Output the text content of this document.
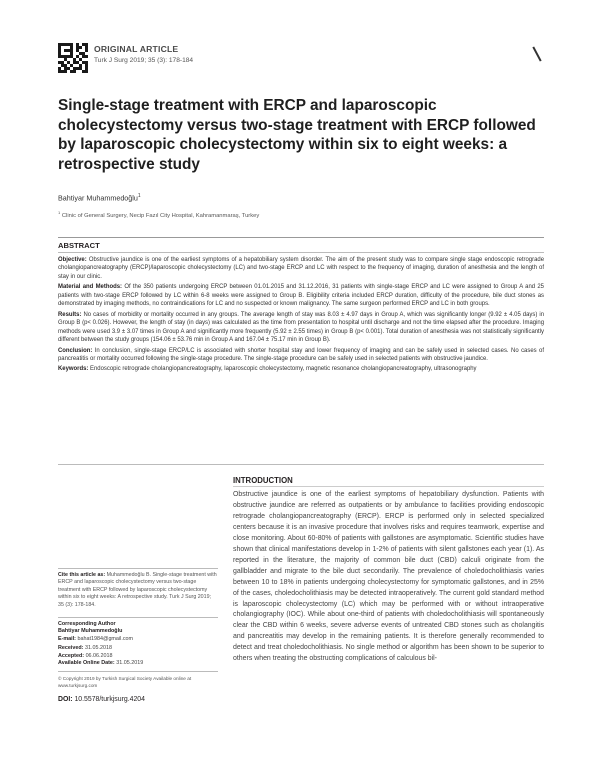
ORIGINAL ARTICLE
Turk J Surg 2019; 35 (3): 178-184
Single-stage treatment with ERCP and laparoscopic cholecystectomy versus two-stage treatment with ERCP followed by laparoscopic cholecystectomy within six to eight weeks: a retrospective study
Bahtiyar Muhammedoğlu$^1$
$^1$ Clinic of General Surgery, Necip Fazıl City Hospital, Kahramanmaraş, Turkey
ABSTRACT

Objective: Obstructive jaundice is one of the earliest symptoms of a hepatobiliary system disorder. The aim of the present study was to compare single stage endoscopic retrograde cholangiopancreatography (ERCP)/laparoscopic cholecystectomy (LC) and two-stage ERCP and LC with respect to the frequency of imaging, duration of anesthesia and the length of stay in our clinic.

Material and Methods: Of the 350 patients undergoing ERCP between 01.01.2015 and 31.12.2016, 31 patients with single-stage ERCP and LC were assigned to Group A and 25 patients with two-stage ERCP followed by LC within 6-8 weeks were assigned to Group B. Eligibility criteria included ERCP duration, difficulty of the procedure, bile duct stones as demonstrated by imaging methods, no contraindications for LC and no suspected or known malignancy. The same surgeon performed ERCP and LC in both groups.

Results: No cases of morbidity or mortality occurred in any groups. The average length of stay was 8.03 ± 4.97 days in Group A, which was significantly longer (9.92 ± 4.05 days) in Group B (p< 0.026). However, the length of stay (in days) was calculated as the time from presentation to hospital until discharge and not the time elapsed after the procedure. Imaging methods were used 3.9 ± 3.07 times in Group A and significantly more frequently (5.92 ± 2.55 times) in Group B (p< 0.001). Total duration of anesthesia was not statistically significantly different between the study groups (154.06 ± 53.76 min in Group A and 167.04 ± 75.17 min in Group B).

Conclusion: In conclusion, single-stage ERCP/LC is associated with shorter hospital stay and lower frequency of imaging and can be safely used in selected cases. No cases of pancreatitis or mortality occurred following the single-stage procedure. The single-stage procedure can be safely used in selected patients with obstructive jaundice.

Keywords: Endoscopic retrograde cholangiopancreatography, laparoscopic cholecystectomy, magnetic resonance cholangiopancreatography, ultrasonography

INTRODUCTION
Obstructive jaundice is one of the earliest symptoms of hepatobiliary dysfunction. Patients with obstructive jaundice are referred as outpatients or by ambulance to facilities providing endoscopic retrograde cholangiopancreatography (ERCP). ERCP is performed only in selected specialized centers because it is an invasive procedure that involves risks and requires teamwork, expertise and close monitoring. About 60-80% of patients with gallstones are asymptomatic. Scientific studies have shown that clinical manifestations develop in 1-2% of patients with silent gallstones each year (1). As reported in the literature, the majority of common bile duct (CBD) calculi originate from the gallbladder and migrate to the bile duct secondarily. The prevalence of choledocholithiasis varies between 10 to 18% in patients undergoing cholecystectomy for symptomatic gallstones, and in 25% of the cases, choledocholithiasis may be detected intraoperatively. The current gold standard method is laparoscopic cholecystectomy (LC) which may be performed with or without intraoperative cholangiography (IOC). While about one-third of patients with choledocholithiasis will spontaneously clear the CBD within 6 weeks, severe adverse events of untreated CBD stones such as cholangitis and pancreatitis may develop in the remaining patients. It is therefore generally recommended to detect and treat choledocholithiasis. No single method or algorithm has been shown to be superior to others when treating the obstructing complications of calculous bil-
Cite this article as: Muhammedoğlu B. Single-stage treatment with ERCP and laparoscopic cholecystectomy versus two-stage treatment with ERCP followed by laparoscopic cholecystectomy within six to eight weeks: A retrospective study. Turk J Surg 2019; 35 (3): 178-184.
Corresponding Author
Bahtiyar Muhammedoğlu
E-mail: bahat1984@gmail.com
Received: 31.05.2018
Accepted: 06.06.2018
Available Online Date: 31.05.2019
© Copyright 2019 by Turkish Surgical Society Available online at www.turkjsurg.com
DOI: 10.5578/turkjsurg.4204
